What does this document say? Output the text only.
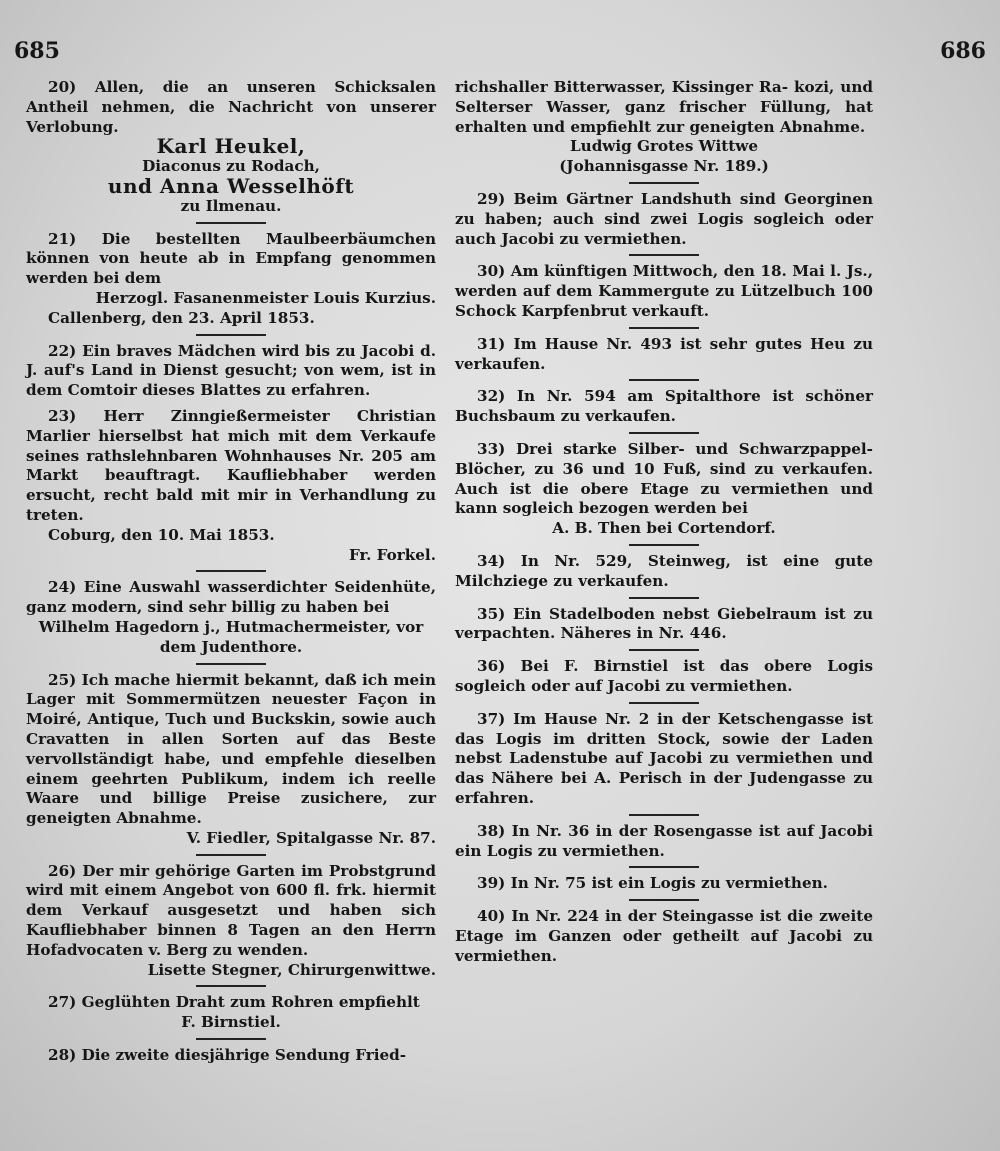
685	686

20) Allen, die an unseren Schicksalen Antheil nehmen, die Nachricht von unserer Verlobung.

Karl Heukel,

Diaconus zu Rodach,

und Anna Wesselhöft

zu Ilmenau.

21) Die bestellten Maulbeerbäumchen können von heute ab in Empfang genommen werden bei dem

Herzogl. Fasanenmeister Louis Kurzius.

Callenberg, den 23. April 1853.

22) Ein braves Mädchen wird bis zu Jacobi d. J. auf's Land in Dienst gesucht; von wem, ist in dem Comtoir dieses Blattes zu erfahren.

23) Herr Zinngießermeister Christian Marlier hierselbst hat mich mit dem Verkaufe seines rathslehnbaren Wohnhauses Nr. 205 am Markt beauftragt. Kaufliebhaber werden ersucht, recht bald mit mir in Verhandlung zu treten.

Coburg, den 10. Mai 1853.

Fr. Forkel.

24) Eine Auswahl wasserdichter Seidenhüte, ganz modern, sind sehr billig zu haben bei

Wilhelm Hagedorn j., Hutmachermeister, vor dem Judenthore.

25) Ich mache hiermit bekannt, daß ich mein Lager mit Sommermützen neuester Façon in Moiré, Antique, Tuch und Buckskin, sowie auch Cravatten in allen Sorten auf das Beste vervollständigt habe, und empfehle dieselben einem geehrten Publikum, indem ich reelle Waare und billige Preise zusichere, zur geneigten Abnahme.

V. Fiedler, Spitalgasse Nr. 87.

26) Der mir gehörige Garten im Probstgrund wird mit einem Angebot von 600 fl. frk. hiermit dem Verkauf ausgesetzt und haben sich Kaufliebhaber binnen 8 Tagen an den Herrn Hofadvocaten v. Berg zu wenden.

Lisette Stegner, Chirurgenwittwe.

27) Geglühten Draht zum Rohren empfiehlt

F. Birnstiel.

28) Die zweite diesjährige Sendung Fried-

richshaller Bitterwasser, Kissinger Ra- kozi, und Selterser Wasser, ganz frischer Füllung, hat erhalten und empfiehlt zur geneigten Abnahme.

Ludwig Grotes Wittwe

(Johannisgasse Nr. 189.)

29) Beim Gärtner Landshuth sind Georginen zu haben; auch sind zwei Logis sogleich oder auch Jacobi zu vermiethen.

30) Am künftigen Mittwoch, den 18. Mai l. Js., werden auf dem Kammergute zu Lützelbuch 100 Schock Karpfenbrut verkauft.

31) Im Hause Nr. 493 ist sehr gutes Heu zu verkaufen.

32) In Nr. 594 am Spitalthore ist schöner Buchsbaum zu verkaufen.

33) Drei starke Silber- und Schwarzpappel-Blöcher, zu 36 und 10 Fuß, sind zu verkaufen. Auch ist die obere Etage zu vermiethen und kann sogleich bezogen werden bei

A. B. Then bei Cortendorf.

34) In Nr. 529, Steinweg, ist eine gute Milchziege zu verkaufen.

35) Ein Stadelboden nebst Giebelraum ist zu verpachten. Näheres in Nr. 446.

36) Bei F. Birnstiel ist das obere Logis sogleich oder auf Jacobi zu vermiethen.

37) Im Hause Nr. 2 in der Ketschengasse ist das Logis im dritten Stock, sowie der Laden nebst Ladenstube auf Jacobi zu vermiethen und das Nähere bei A. Perisch in der Judengasse zu erfahren.

38) In Nr. 36 in der Rosengasse ist auf Jacobi ein Logis zu vermiethen.

39) In Nr. 75 ist ein Logis zu vermiethen.

40) In Nr. 224 in der Steingasse ist die zweite Etage im Ganzen oder getheilt auf Jacobi zu vermiethen.
